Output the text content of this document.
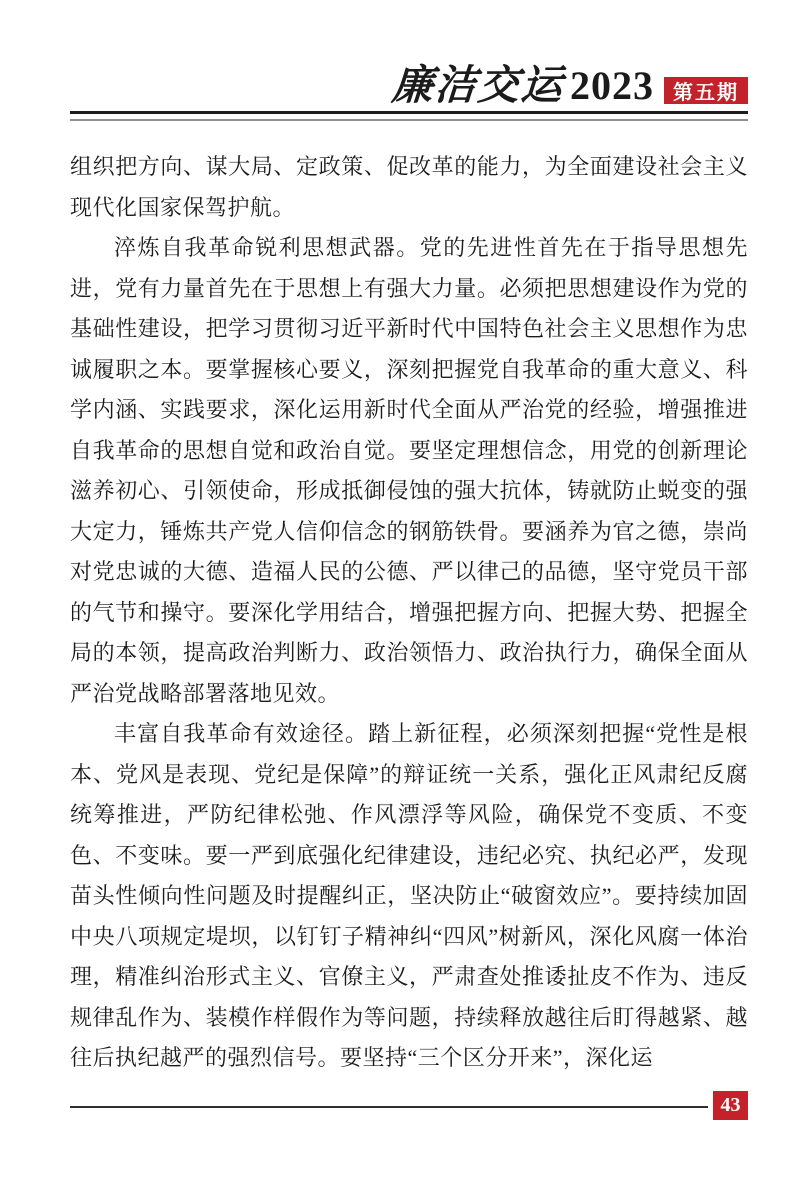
廉洁交运 2023 第五期

组织把方向、谋大局、定政策、促改革的能力，为全面建设社会主义现代化国家保驾护航。

淬炼自我革命锐利思想武器。党的先进性首先在于指导思想先进，党有力量首先在于思想上有强大力量。必须把思想建设作为党的基础性建设，把学习贯彻习近平新时代中国特色社会主义思想作为忠诚履职之本。要掌握核心要义，深刻把握党自我革命的重大意义、科学内涵、实践要求，深化运用新时代全面从严治党的经验，增强推进自我革命的思想自觉和政治自觉。要坚定理想信念，用党的创新理论滋养初心、引领使命，形成抵御侵蚀的强大抗体，铸就防止蜕变的强大定力，锤炼共产党人信仰信念的钢筋铁骨。要涵养为官之德，崇尚对党忠诚的大德、造福人民的公德、严以律己的品德，坚守党员干部的气节和操守。要深化学用结合，增强把握方向、把握大势、把握全局的本领，提高政治判断力、政治领悟力、政治执行力，确保全面从严治党战略部署落地见效。

丰富自我革命有效途径。踏上新征程，必须深刻把握“党性是根本、党风是表现、党纪是保障”的辩证统一关系，强化正风肃纪反腐统筹推进，严防纪律松弛、作风漂浮等风险，确保党不变质、不变色、不变味。要一严到底强化纪律建设，违纪必究、执纪必严，发现苗头性倾向性问题及时提醒纠正，坚决防止“破窗效应”。要持续加固中央八项规定堤坝，以钉钉子精神纠“四风”树新风，深化风腐一体治理，精准纠治形式主义、官僚主义，严肃查处推诿扯皮不作为、违反规律乱作为、装模作样假作为等问题，持续释放越往后盯得越紧、越往后执纪越严的强烈信号。要坚持“三个区分开来”，深化运

43
